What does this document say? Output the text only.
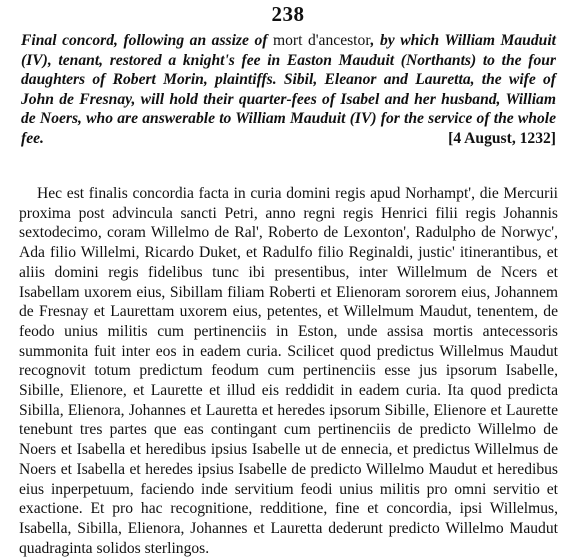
238
Final concord, following an assize of mort d'ancestor, by which William Mauduit (IV), tenant, restored a knight's fee in Easton Mauduit (Northants) to the four daughters of Robert Morin, plaintiffs. Sibil, Eleanor and Lauretta, the wife of John de Fresnay, will hold their quarter-fees of Isabel and her husband, William de Noers, who are answerable to William Mauduit (IV) for the service of the whole fee.	[4 August, 1232]

Hec est finalis concordia facta in curia domini regis apud Norhampt', die Mercurii proxima post advincula sancti Petri, anno regni regis Henrici filii regis Johannis sextodecimo, coram Willelmo de Ral', Roberto de Lexonton', Radulpho de Norwyc', Ada filio Willelmi, Ricardo Duket, et Radulfo filio Reginaldi, justic' itinerantibus, et aliis domini regis fidelibus tunc ibi presentibus, inter Willelmum de Ncers et Isabellam uxorem eius, Sibillam filiam Roberti et Elienoram sororem eius, Johannem de Fresnay et Laurettam uxorem eius, petentes, et Willelmum Maudut, tenentem, de feodo unius militis cum pertinenciis in Eston, unde assisa mortis antecessoris summonita fuit inter eos in eadem curia. Scilicet quod predictus Willelmus Maudut recognovit totum predictum feodum cum pertinenciis esse jus ipsorum Isabelle, Sibille, Elienore, et Laurette et illud eis reddidit in eadem curia. Ita quod predicta Sibilla, Elienora, Johannes et Lauretta et heredes ipsorum Sibille, Elienore et Laurette tenebunt tres partes que eas contingant cum pertinenciis de predicto Willelmo de Noers et Isabella et heredibus ipsius Isabelle ut de ennecia, et predictus Willelmus de Noers et Isabella et heredes ipsius Isabelle de predicto Willelmo Maudut et heredibus eius inperpetuum, faciendo inde servitium feodi unius militis pro omni servitio et exactione. Et pro hac recognitione, redditione, fine et concordia, ipsi Willelmus, Isabella, Sibilla, Elienora, Johannes et Lauretta dederunt predicto Willelmo Maudut quadraginta solidos sterlingos.
